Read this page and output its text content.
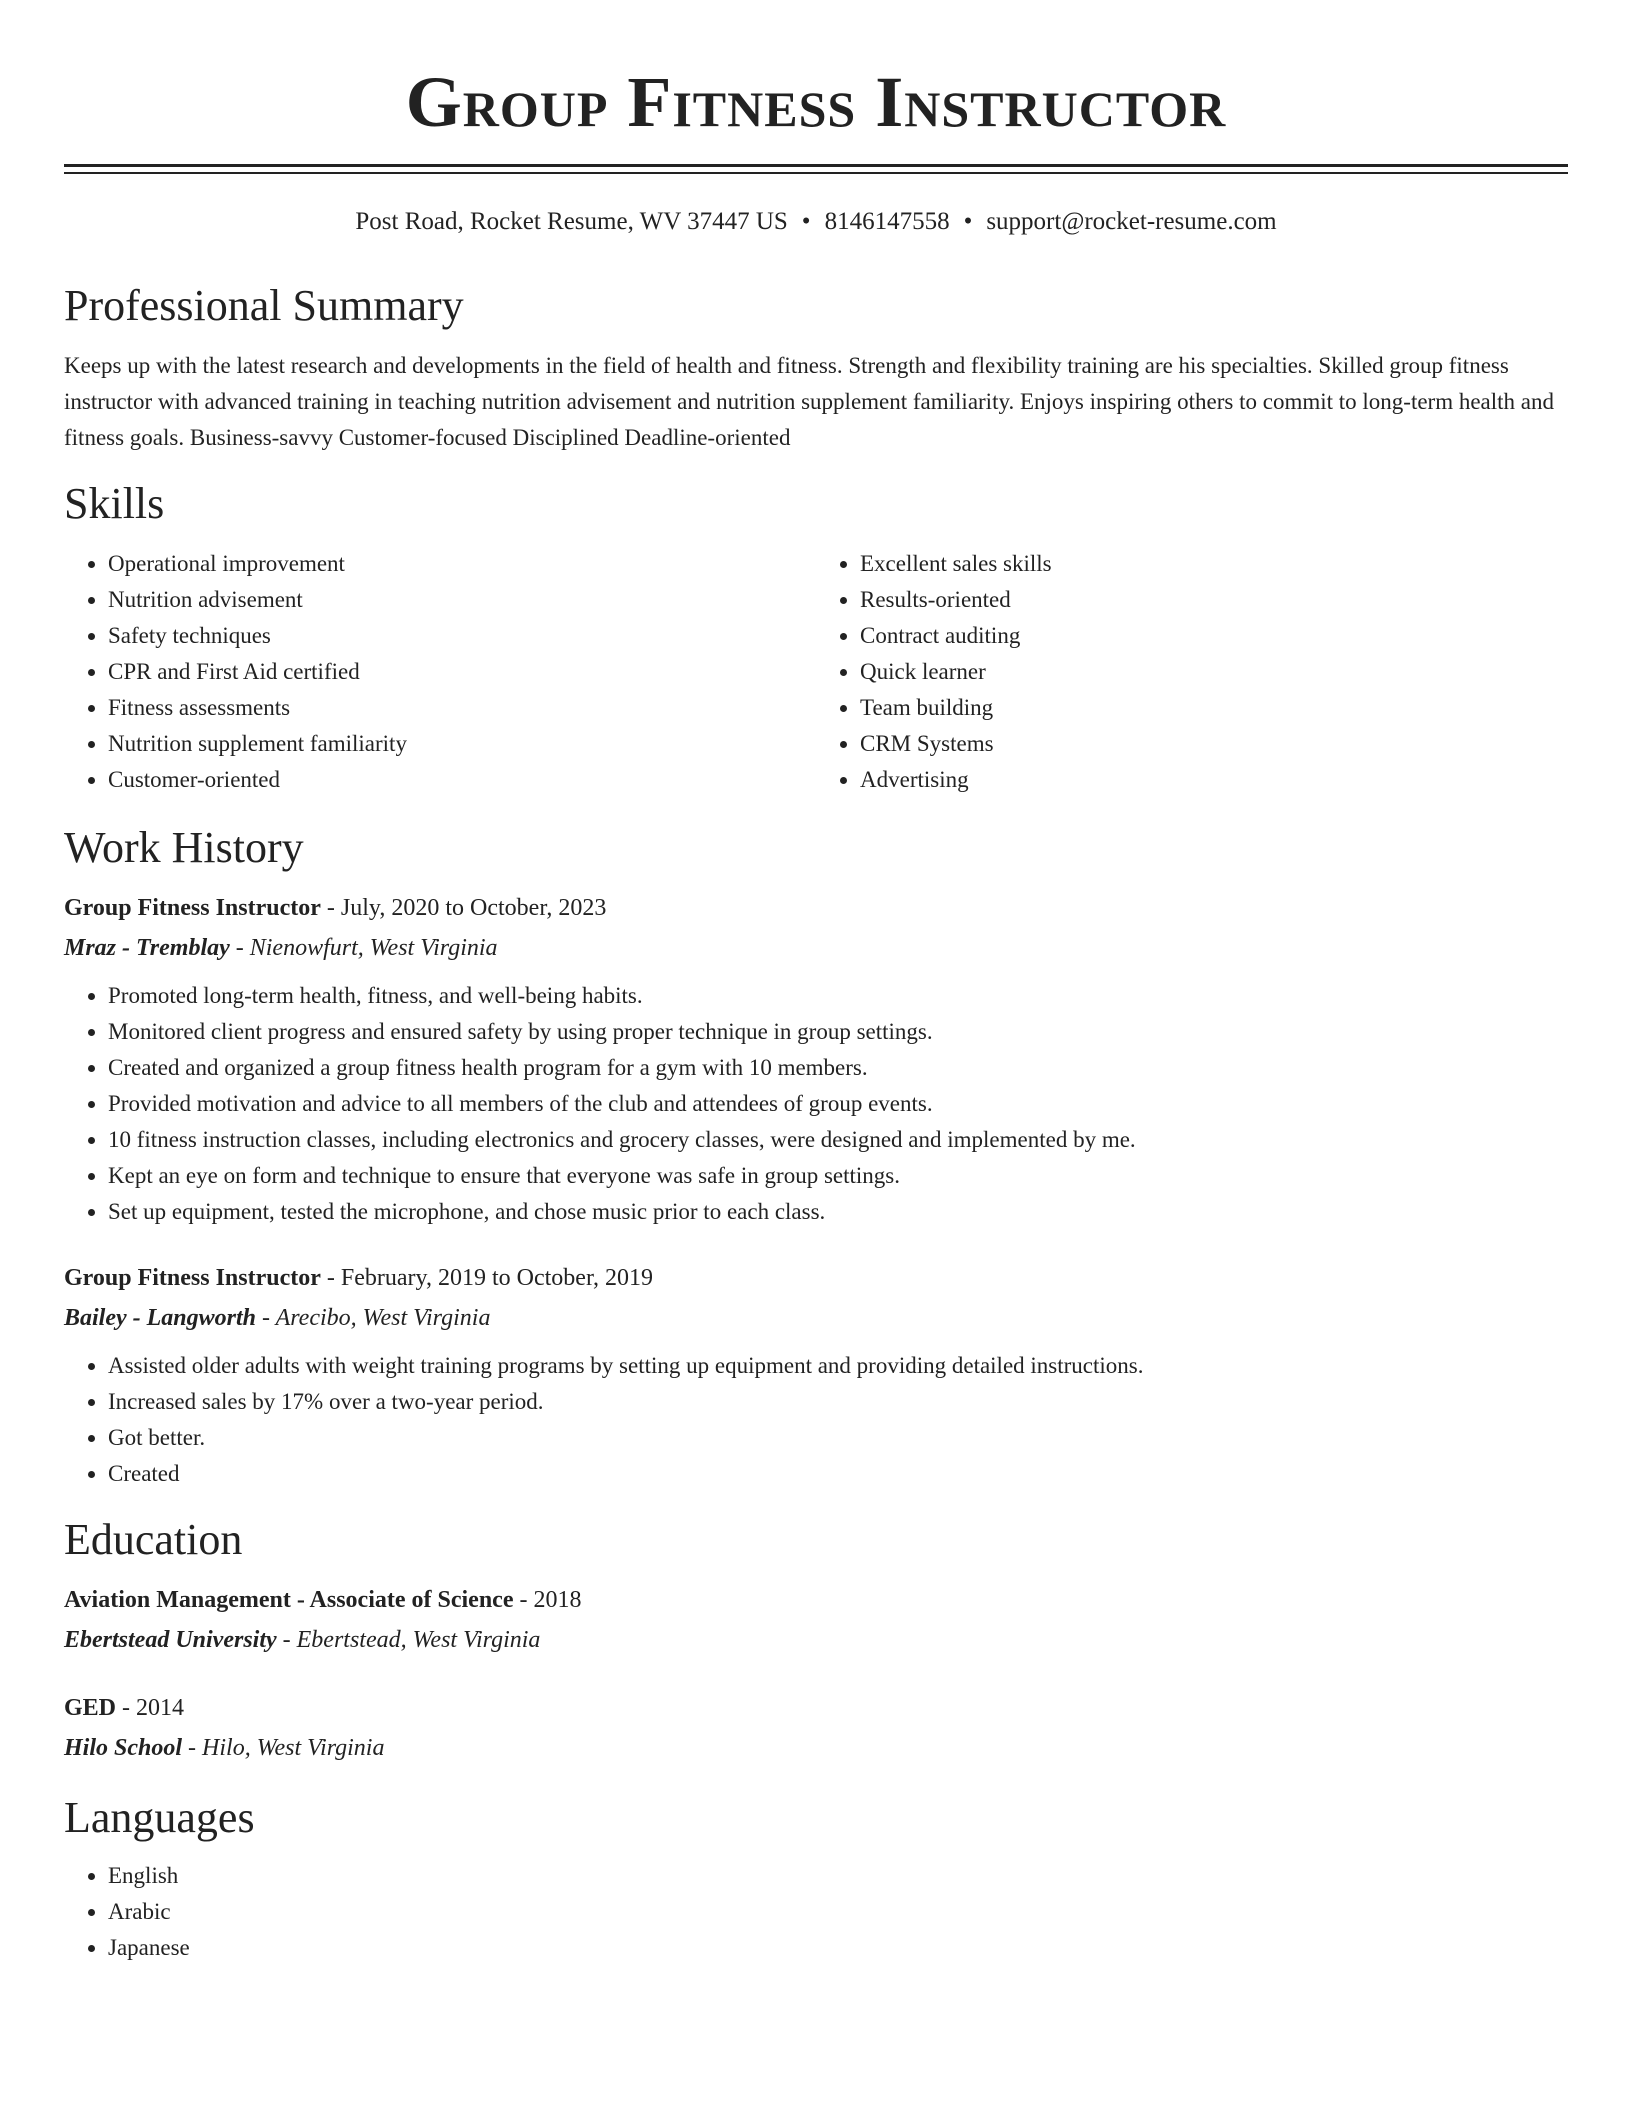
Group Fitness Instructor
Post Road, Rocket Resume, WV 37447 US • 8146147558 • support@rocket-resume.com
Professional Summary

Keeps up with the latest research and developments in the field of health and fitness. Strength and flexibility training are his specialties. Skilled group fitness instructor with advanced training in teaching nutrition advisement and nutrition supplement familiarity. Enjoys inspiring others to commit to long-term health and fitness goals. Business-savvy Customer-focused Disciplined Deadline-oriented

Skills
• Operational improvement
• Nutrition advisement
• Safety techniques
• CPR and First Aid certified
• Fitness assessments
• Nutrition supplement familiarity
• Customer-oriented
• Excellent sales skills
• Results-oriented
• Contract auditing
• Quick learner
• Team building
• CRM Systems
• Advertising
Work History
Group Fitness Instructor - July, 2020 to October, 2023
Mraz - Tremblay - Nienowfurt, West Virginia
• Promoted long-term health, fitness, and well-being habits.
• Monitored client progress and ensured safety by using proper technique in group settings.
• Created and organized a group fitness health program for a gym with 10 members.
• Provided motivation and advice to all members of the club and attendees of group events.
• 10 fitness instruction classes, including electronics and grocery classes, were designed and implemented by me.
• Kept an eye on form and technique to ensure that everyone was safe in group settings.
• Set up equipment, tested the microphone, and chose music prior to each class.
Group Fitness Instructor - February, 2019 to October, 2019
Bailey - Langworth - Arecibo, West Virginia
• Assisted older adults with weight training programs by setting up equipment and providing detailed instructions.
• Increased sales by 17% over a two-year period.
• Got better.
• Created
Education
Aviation Management - Associate of Science - 2018
Ebertstead University - Ebertstead, West Virginia
GED - 2014
Hilo School - Hilo, West Virginia
Languages
• English
• Arabic
• Japanese
